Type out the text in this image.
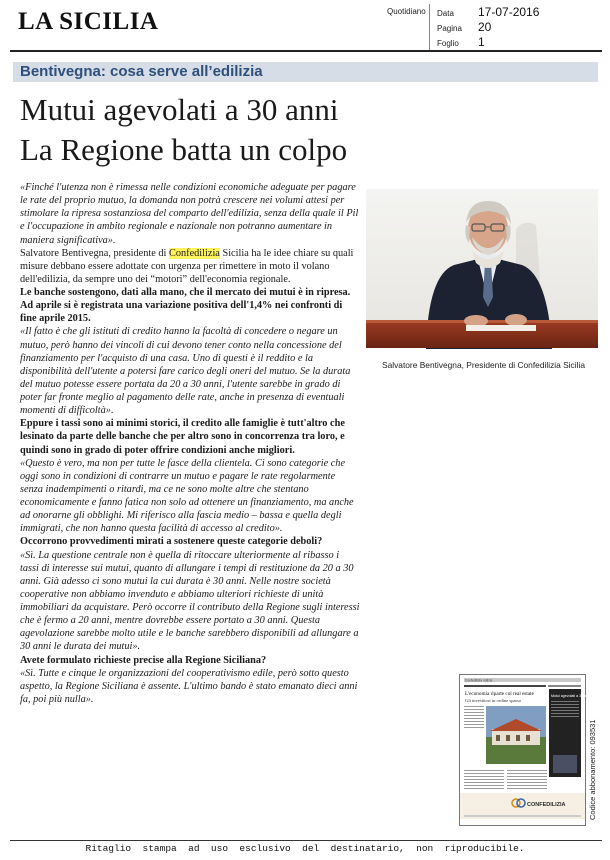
LA SICILIA	Quotidiano Data 17-07-2016
Pagina 20
Foglio 1
Bentivegna: cosa serve all’edilizia
Mutui agevolati a 30 anni
La Regione batta un colpo

«Finché l'utenza non è rimessa nelle condizioni economiche adeguate per pagare le rate del proprio mutuo, la domanda non potrà crescere nei volumi attesi per stimolare la ripresa sostanziosa del comparto dell'edilizia, senza della quale il Pil e l'occupazione in ambito regionale e nazionale non potranno aumentare in maniera significativa».

Salvatore Bentivegna, presidente di Confedilizia Sicilia ha le idee chiare su quali misure debbano essere adottate con urgenza per rimettere in moto il volano dell'edilizia, da sempre uno dei “motori” dell'economia regionale.

Le banche sostengono, dati alla mano, che il mercato dei mutui è in ripresa. Ad aprile si è registrata una variazione positiva dell'1,4% nei confronti di fine aprile 2015.

«Il fatto è che gli istituti di credito hanno la facoltà di concedere o negare un mutuo, però hanno dei vincoli di cui devono tener conto nella concessione del finanziamento per l'acquisto di una casa. Uno di questi è il reddito e la disponibilità dell'utente a potersi fare carico degli oneri del mutuo. Se la durata del mutuo potesse essere portata da 20 a 30 anni, l'utente sarebbe in grado di poter far fronte meglio al pagamento delle rate, anche in presenza di eventuali momenti di difficoltà».

Eppure i tassi sono ai minimi storici, il credito alle famiglie è tutt'altro che lesinato da parte delle banche che per altro sono in concorrenza tra loro, e quindi sono in grado di poter offrire condizioni anche migliori.

«Questo è vero, ma non per tutte le fasce della clientela. Ci sono categorie che oggi sono in condizioni di contrarre un mutuo e pagare le rate regolarmente senza inadempimenti o ritardi, ma ce ne sono molte altre che stentano economicamente e fanno fatica non solo ad ottenere un finanziamento, ma anche ad onorarne gli obblighi. Mi riferisco alla fascia medio – bassa e quella degli immigrati, che non hanno questa facilità di accesso al credito».

Occorrono provvedimenti mirati a sostenere queste categorie deboli?

«Sì. La questione centrale non è quella di ritoccare ulteriormente al ribasso i tassi di interesse sui mutui, quanto di allungare i tempi di restituzione da 20 a 30 anni. Già adesso ci sono mutui la cui durata è 30 anni. Nelle nostre società cooperative non abbiamo invenduto e abbiamo ulteriori richieste di unità immobiliari da acquistare. Però occorre il contributo della Regione sugli interessi che è fermo a 20 anni, mentre dovrebbe essere portato a 30 anni. Questa agevolazione sarebbe molto utile e le banche sarebbero disponibili ad allungare a 30 anni le durata dei mutui».

Avete formulato richieste precise alla Regione Siciliana?

«Sì. Tutte e cinque le organizzazioni del cooperativismo edile, però sotto questo aspetto, la Regione Siciliana è assente. L'ultimo bando è stato emanato dieci anni fa, poi più nulla».

Salvatore Bentivegna, Presidente di Confedilizia Sicilia
L'economia riparte col real estate
Gli investitori in ordine sparso
Mutui agevolati a 30 anni
CONFEDILIZIA
Confedilizia notizie
Codice abbonamento: 093531
Ritaglio  stampa  ad  uso  esclusivo  del  destinatario,  non  riproducibile.
